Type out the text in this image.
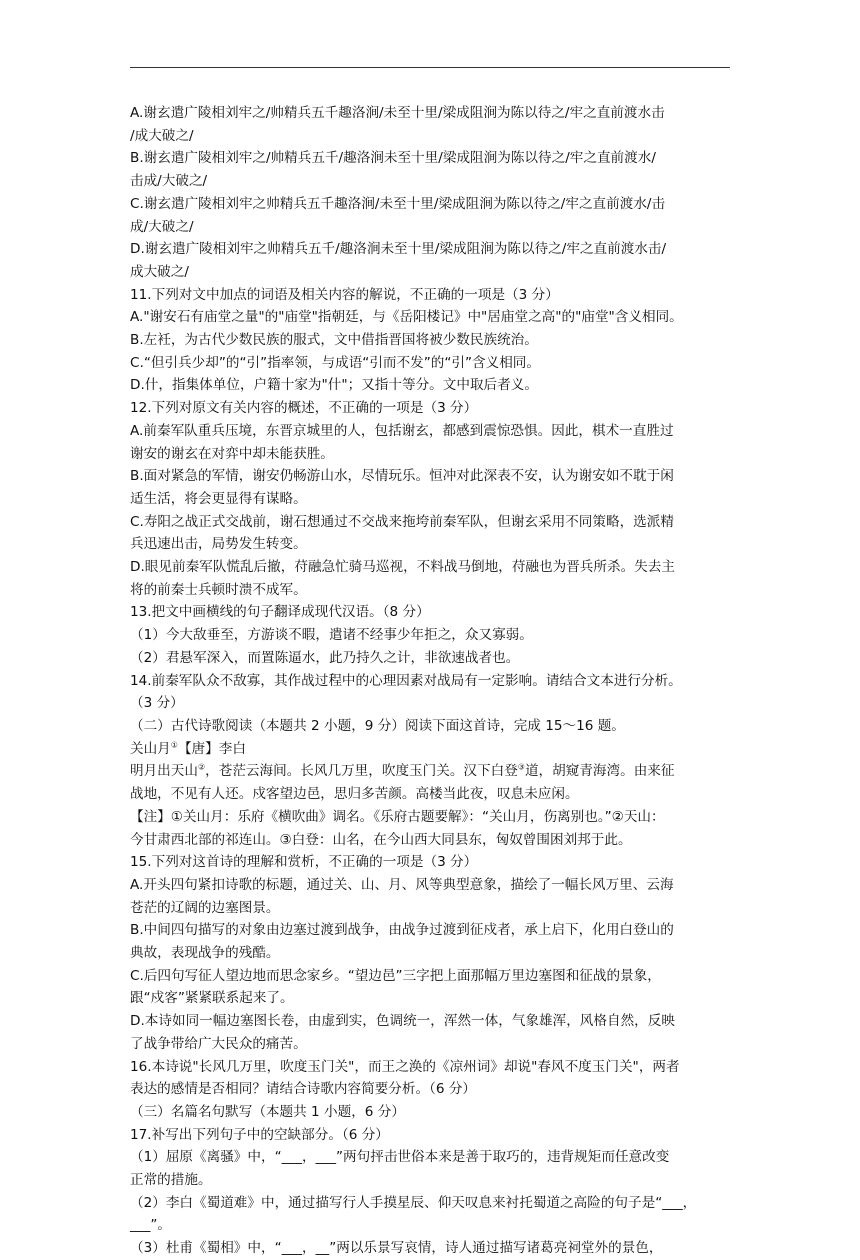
A.谢玄遣广陵相刘牢之/帅精兵五千趣洛涧/未至十里/梁成阻涧为陈以待之/牢之直前渡水击

/成大破之/

B.谢玄遣广陵相刘牢之/帅精兵五千/趣洛涧未至十里/梁成阻涧为陈以待之/牢之直前渡水/

击成/大破之/

C.谢玄遣广陵相刘牢之帅精兵五千趣洛涧/未至十里/梁成阻涧为陈以待之/牢之直前渡水/击

成/大破之/

D.谢玄遣广陵相刘牢之帅精兵五千/趣洛涧未至十里/梁成阻涧为陈以待之/牢之直前渡水击/

成大破之/

11.下列对文中加点的词语及相关内容的解说，不正确的一项是（3 分）

A."谢安石有庙堂之量"的"庙堂"指朝廷，与《岳阳楼记》中"居庙堂之高"的"庙堂"含义相同。

B.左衽，为古代少数民族的服式，文中借指晋国将被少数民族统治。

C.“但引兵少却”的“引”指率领，与成语“引而不发”的“引”含义相同。

D.什，指集体单位，户籍十家为"什"；又指十等分。文中取后者义。

12.下列对原文有关内容的概述，不正确的一项是（3 分）

A.前秦军队重兵压境，东晋京城里的人，包括谢玄，都感到震惊恐惧。因此，棋术一直胜过

谢安的谢玄在对弈中却未能获胜。

B.面对紧急的军情，谢安仍畅游山水，尽情玩乐。恒冲对此深表不安，认为谢安如不耽于闲

适生活，将会更显得有谋略。

C.寿阳之战正式交战前，谢石想通过不交战来拖垮前秦军队，但谢玄采用不同策略，选派精

兵迅速出击，局势发生转变。

D.眼见前秦军队慌乱后撤，苻融急忙骑马巡视，不料战马倒地，苻融也为晋兵所杀。失去主

将的前秦士兵顿时溃不成军。

13.把文中画横线的句子翻译成现代汉语。（8 分）

（1）今大敌垂至，方游谈不暇，遣诸不经事少年拒之，众又寡弱。

（2）君悬军深入，而置陈逼水，此乃持久之计，非欲速战者也。

14.前秦军队众不敌寡，其作战过程中的心理因素对战局有一定影响。请结合文本进行分析。

（3 分）

（二）古代诗歌阅读（本题共 2 小题，9 分）阅读下面这首诗，完成 15～16 题。

关山月①【唐】李白

明月出天山②，苍茫云海间。长风几万里，吹度玉门关。汉下白登③道，胡窥青海湾。由来征

战地，不见有人还。戍客望边邑，思归多苦颜。高楼当此夜，叹息未应闲。

【注】①关山月：乐府《横吹曲》调名。《乐府古题要解》：“关山月，伤离别也。”②天山：

今甘肃西北部的祁连山。③白登：山名，在今山西大同县东，匈奴曾围困刘邦于此。

15.下列对这首诗的理解和赏析，不正确的一项是（3 分）

A.开头四句紧扣诗歌的标题，通过关、山、月、风等典型意象，描绘了一幅长风万里、云海

苍茫的辽阔的边塞图景。

B.中间四句描写的对象由边塞过渡到战争，由战争过渡到征戍者，承上启下，化用白登山的

典故，表现战争的残酷。

C.后四句写征人望边地而思念家乡。“望边邑”三字把上面那幅万里边塞图和征战的景象，

跟“戍客”紧紧联系起来了。

D.本诗如同一幅边塞图长卷，由虚到实，色调统一，浑然一体，气象雄浑，风格自然，反映

了战争带给广大民众的痛苦。

16.本诗说"长风几万里，吹度玉门关"，而王之涣的《凉州词》却说"春风不度玉门关"，两者

表达的感情是否相同？请结合诗歌内容简要分析。（6 分）

（三）名篇名句默写（本题共 1 小题，6 分）

17.补写出下列句子中的空缺部分。（6 分）

（1）屈原《离骚》中，“___，___”两句抨击世俗本来是善于取巧的，违背规矩而任意改变

正常的措施。

（2）李白《蜀道难》中，通过描写行人手摸星辰、仰天叹息来衬托蜀道之高险的句子是“___，

___”。

（3）杜甫《蜀相》中，“___，__”两以乐景写哀情，诗人通过描写诸葛亮祠堂外的景色，
